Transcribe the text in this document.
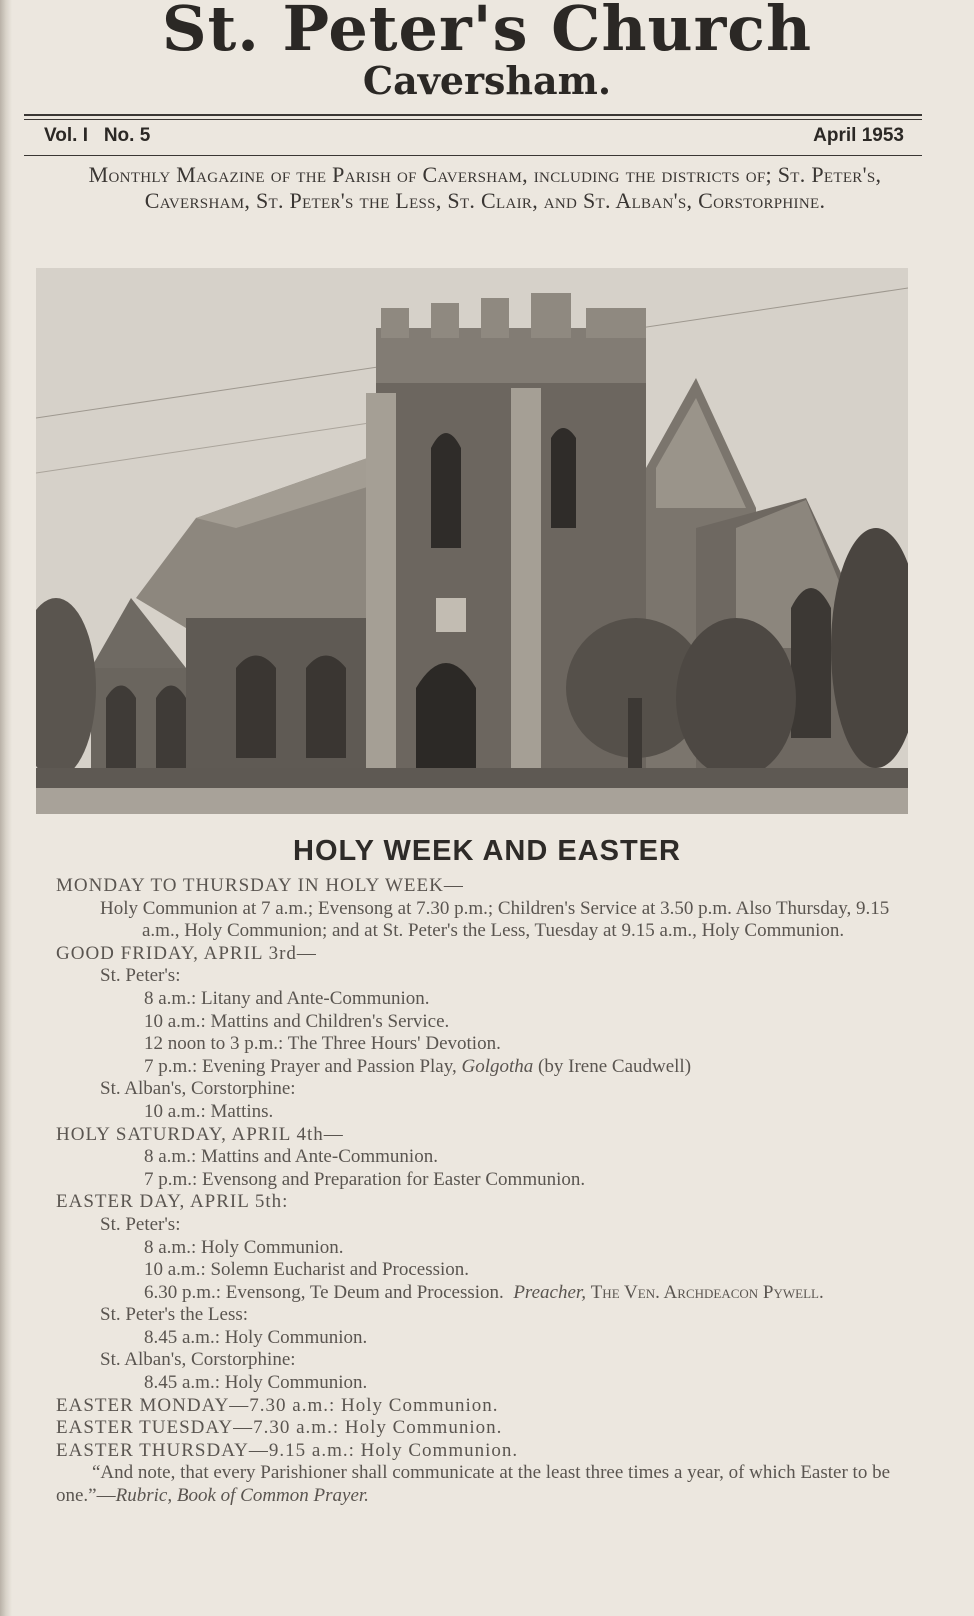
St. Peter's Church
Caversham.
Vol. I No. 5	April 1953
Monthly Magazine of the Parish of Caversham, including the districts of; St. Peter's, Caversham, St. Peter's the Less, St. Clair, and St. Alban's, Corstorphine.
HOLY WEEK AND EASTER
MONDAY TO THURSDAY IN HOLY WEEK—
Holy Communion at 7 a.m.; Evensong at 7.30 p.m.; Children's Service at 3.50 p.m. Also Thursday, 9.15 a.m., Holy Communion; and at St. Peter's the Less, Tuesday at 9.15 a.m., Holy Communion.
GOOD FRIDAY, APRIL 3rd—
St. Peter's:
8 a.m.: Litany and Ante-Communion.
10 a.m.: Mattins and Children's Service.
12 noon to 3 p.m.: The Three Hours' Devotion.
7 p.m.: Evening Prayer and Passion Play, Golgotha (by Irene Caudwell)
St. Alban's, Corstorphine:
10 a.m.: Mattins.
HOLY SATURDAY, APRIL 4th—
8 a.m.: Mattins and Ante-Communion.
7 p.m.: Evensong and Preparation for Easter Communion.
EASTER DAY, APRIL 5th:
St. Peter's:
8 a.m.: Holy Communion.
10 a.m.: Solemn Eucharist and Procession.
6.30 p.m.: Evensong, Te Deum and Procession. Preacher, The Ven. Archdeacon Pywell.
St. Peter's the Less:
8.45 a.m.: Holy Communion.
St. Alban's, Corstorphine:
8.45 a.m.: Holy Communion.
EASTER MONDAY—7.30 a.m.: Holy Communion.
EASTER TUESDAY—7.30 a.m.: Holy Communion.
EASTER THURSDAY—9.15 a.m.: Holy Communion.
“And note, that every Parishioner shall communicate at the least three times a year, of which Easter to be one.”—Rubric, Book of Common Prayer.
